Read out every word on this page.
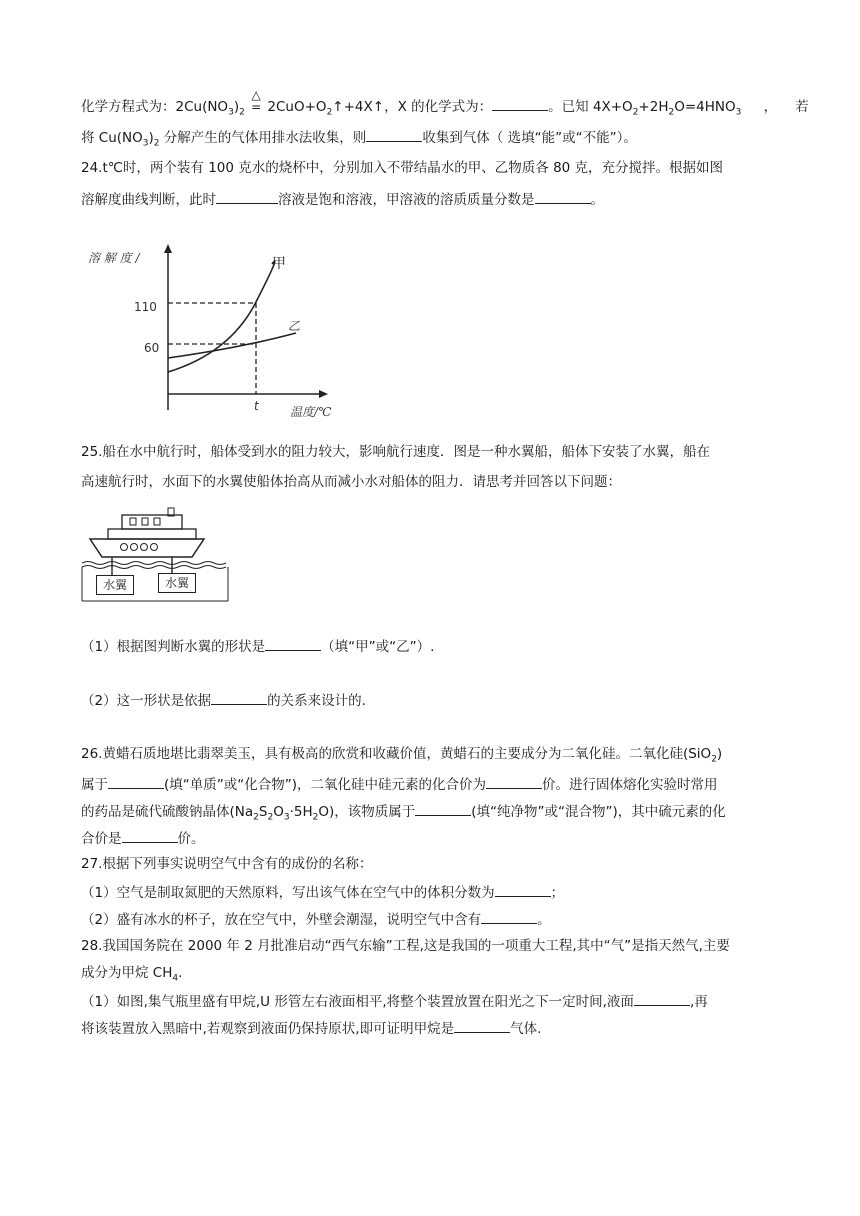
化学方程式为：$2Cu(NO_3)_2$
△
= $2CuO+O_2↑+4X↑$，X 的化学式为：	。已知 $4X+O_2+2H_2O=4HNO_3$ ， 若
将 $Cu(NO_3)_2$ 分解产生的气体用排水法收集，则	收集到气体（ 选填“能”或“不能”）。
24.t℃时，两个装有 100 克水的烧杯中，分别加入不带结晶水的甲、乙物质各 80 克，充分搅拌。根据如图
溶解度曲线判断，此时	溶液是饱和溶液，甲溶液的溶质质量分数是	。
溶 解 度 /
110
60
甲
乙
t	温度/℃
25.船在水中航行时，船体受到水的阻力较大，影响航行速度．图是一种水翼船，船体下安装了水翼，船在
高速航行时，水面下的水翼使船体抬高从而减小水对船体的阻力．请思考并回答以下问题：
水翼	水翼
（1）根据图判断水翼的形状是	（填“甲”或“乙”）.
（2）这一形状是依据	的关系来设计的.
26.黄蜡石质地堪比翡翠美玉，具有极高的欣赏和收藏价值，黄蜡石的主要成分为二氧化硅。二氧化硅(SiO$_2$)
属于	(填“单质”或“化合物”)，二氧化硅中硅元素的化合价为	价。进行固体熔化实验时常用
的药品是硫代硫酸钠晶体$(Na_2S_2O_3\cdot 5H_2O)$，该物质属于	(填“纯净物”或“混合物”)，其中硫元素的化
合价是	价。
27.根据下列事实说明空气中含有的成份的名称：
（1）空气是制取氮肥的天然原料，写出该气体在空气中的体积分数为	；
（2）盛有冰水的杯子，放在空气中，外壁会潮湿，说明空气中含有	。
28.我国国务院在 2000 年 2 月批准启动“西气东输”工程,这是我国的一项重大工程,其中“气”是指天然气,主要
成分为甲烷 $CH_4$.
（1）如图,集气瓶里盛有甲烷,U 形管左右液面相平,将整个装置放置在阳光之下一定时间,液面	,再
将该装置放入黑暗中,若观察到液面仍保持原状,即可证明甲烷是	气体.
